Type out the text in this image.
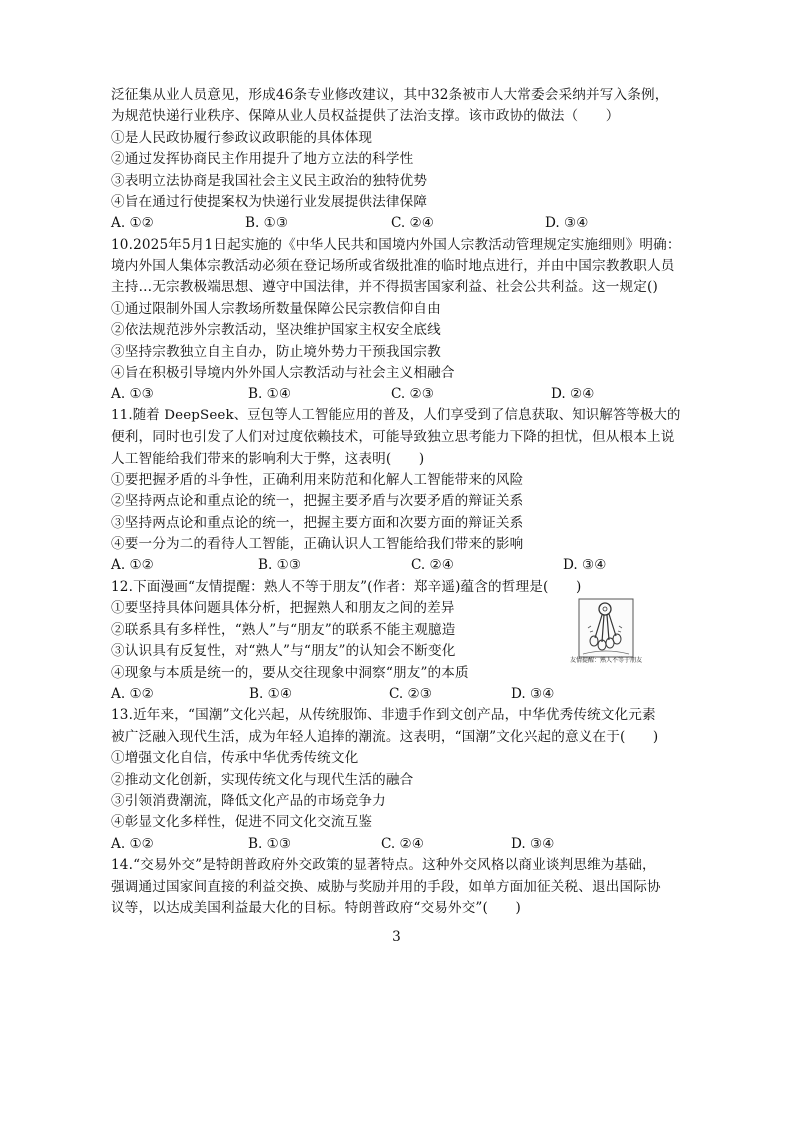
泛征集从业人员意见，形成46条专业修改建议，其中32条被市人大常委会采纳并写入条例，
为规范快递行业秩序、保障从业人员权益提供了法治支撑。该市政协的做法（　　）
①是人民政协履行参政议政职能的具体体现
②通过发挥协商民主作用提升了地方立法的科学性
③表明立法协商是我国社会主义民主政治的独特优势
④旨在通过行使提案权为快递行业发展提供法律保障
A. ①②	B. ①③	C. ②④	D. ③④
10.2025年5月1日起实施的《中华人民共和国境内外国人宗教活动管理规定实施细则》明确：
境内外国人集体宗教活动必须在登记场所或省级批准的临时地点进行，并由中国宗教教职人员
主持…无宗教极端思想、遵守中国法律，并不得损害国家利益、社会公共利益。这一规定()
①通过限制外国人宗教场所数量保障公民宗教信仰自由
②依法规范涉外宗教活动，坚决维护国家主权安全底线
③坚持宗教独立自主自办，防止境外势力干预我国宗教
④旨在积极引导境内外外国人宗教活动与社会主义相融合
A. ①③	B. ①④	C. ②③	D. ②④
11.随着 DeepSeek、豆包等人工智能应用的普及，人们享受到了信息获取、知识解答等极大的
便利，同时也引发了人们对过度依赖技术，可能导致独立思考能力下降的担忧，但从根本上说
人工智能给我们带来的影响利大于弊，这表明(　　)
①要把握矛盾的斗争性，正确利用来防范和化解人工智能带来的风险
②坚持两点论和重点论的统一，把握主要矛盾与次要矛盾的辩证关系
③坚持两点论和重点论的统一，把握主要方面和次要方面的辩证关系
④要一分为二的看待人工智能，正确认识人工智能给我们带来的影响
A. ①②	B. ①③	C. ②④	D. ③④
12.下面漫画“友情提醒：熟人不等于朋友”(作者：郑辛遥)蕴含的哲理是(　　)
①要坚持具体问题具体分析，把握熟人和朋友之间的差异
②联系具有多样性，“熟人”与“朋友”的联系不能主观臆造
③认识具有反复性，对“熟人”与“朋友”的认知会不断变化
④现象与本质是统一的，要从交往现象中洞察“朋友”的本质
A. ①②	B. ①④	C. ②③	D. ③④
友情提醒：熟人不等于朋友
13.近年来，“国潮”文化兴起，从传统服饰、非遗手作到文创产品，中华优秀传统文化元素
被广泛融入现代生活，成为年轻人追捧的潮流。这表明，“国潮”文化兴起的意义在于(　　)
①增强文化自信，传承中华优秀传统文化
②推动文化创新，实现传统文化与现代生活的融合
③引领消费潮流，降低文化产品的市场竞争力
④彰显文化多样性，促进不同文化交流互鉴
A. ①②	B. ①③	C. ②④	D. ③④
14.“交易外交”是特朗普政府外交政策的显著特点。这种外交风格以商业谈判思维为基础，
强调通过国家间直接的利益交换、威胁与奖励并用的手段，如单方面加征关税、退出国际协
议等，以达成美国利益最大化的目标。特朗普政府“交易外交”(　　)
3
